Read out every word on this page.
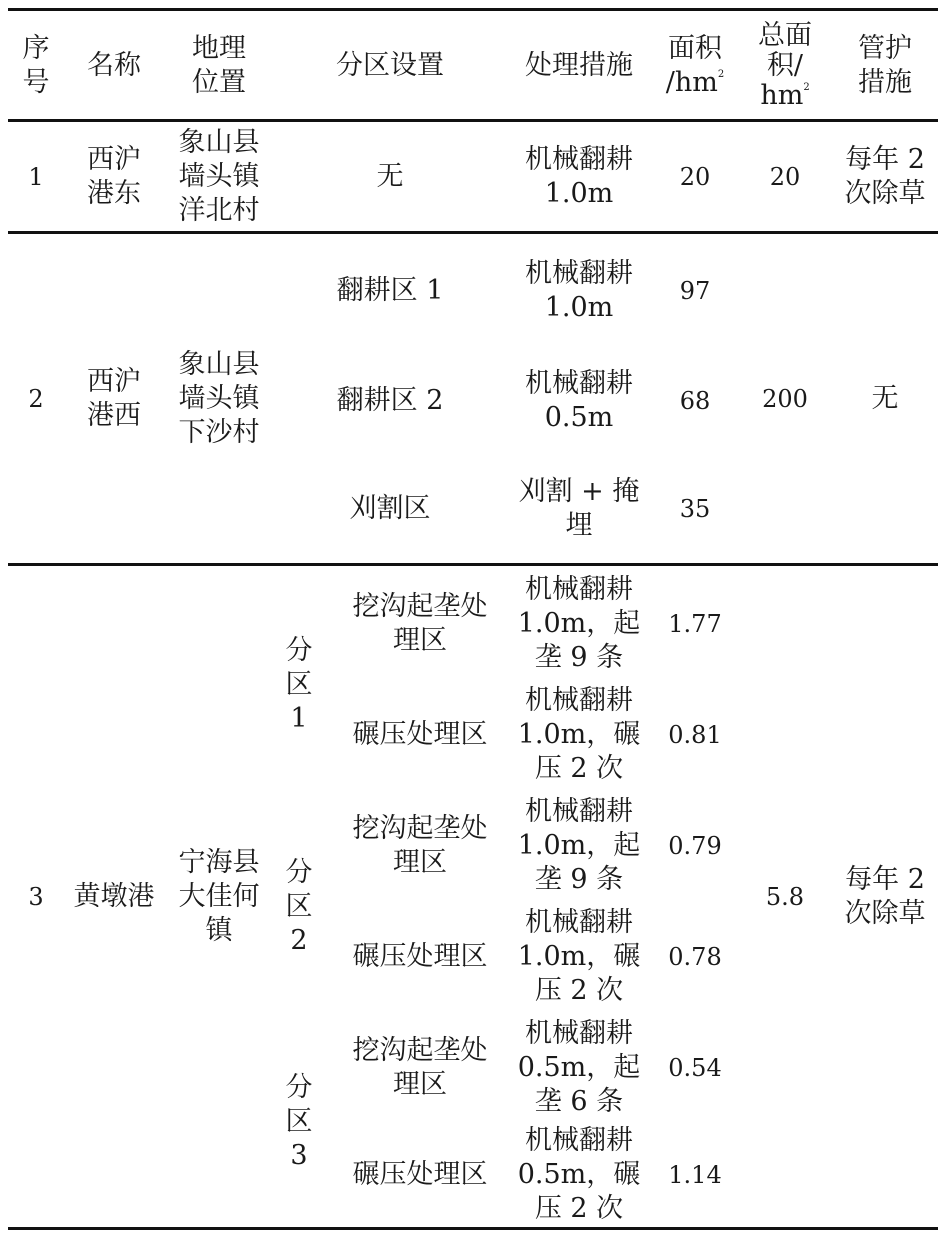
序
号
名称
地理
位置
分区设置	处理措施
面积
$/hm^2$
总面
积/
$hm^2$
管护
措施
1
西沪
港东
象山县
墙头镇
洋北村
无
机械翻耕
1.0m
20 20
每年 2
次除草
2
西沪
港西
象山县
墙头镇
下沙村
翻耕区 1
机械翻耕
1.0m
97
翻耕区 2
机械翻耕
0.5m
68
刈割区
刈割 + 掩
埋
35
200 无
3 黄墩港
宁海县
大佳何
镇
分
区
1
分
区
2
分
区
3
挖沟起垄处
理区
机械翻耕
1.0m，起
垄 9 条
1.77
碾压处理区
机械翻耕
1.0m，碾
压 2 次
0.81
挖沟起垄处
理区
机械翻耕
1.0m，起
垄 9 条
0.79
碾压处理区
机械翻耕
1.0m，碾
压 2 次
0.78
挖沟起垄处
理区
机械翻耕
0.5m，起
垄 6 条
0.54
碾压处理区
机械翻耕
0.5m，碾
压 2 次
1.14
5.8
每年 2
次除草
